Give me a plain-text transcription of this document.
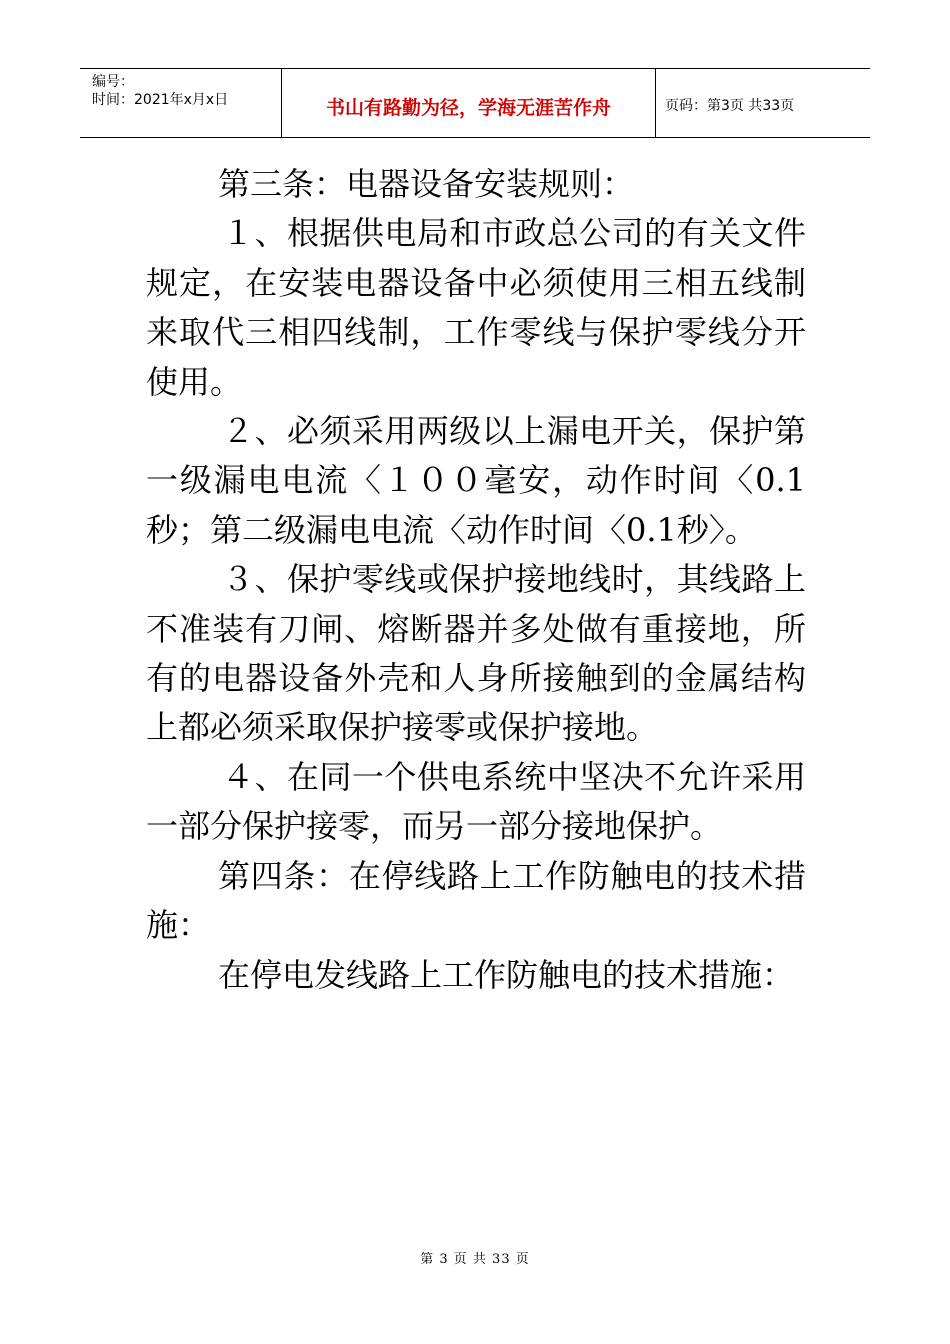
编号：
时间：2021年x月x日	书山有路勤为径，学海无涯苦作舟	页码：第3页 共33页

第三条：电器设备安装规则：

１、根据供电局和市政总公司的有关文件规定，在安装电器设备中必须使用三相五线制来取代三相四线制，工作零线与保护零线分开使用。

２、必须采用两级以上漏电开关，保护第一级漏电电流〈１００毫安，动作时间〈0.1秒；第二级漏电电流〈动作时间〈0.1秒〉。

３、保护零线或保护接地线时，其线路上不准装有刀闸、熔断器并多处做有重接地，所有的电器设备外壳和人身所接触到的金属结构上都必须采取保护接零或保护接地。

４、在同一个供电系统中坚决不允许采用一部分保护接零，而另一部分接地保护。

第四条：在停线路上工作防触电的技术措施：

在停电发线路上工作防触电的技术措施：

第 3 页 共 33 页
